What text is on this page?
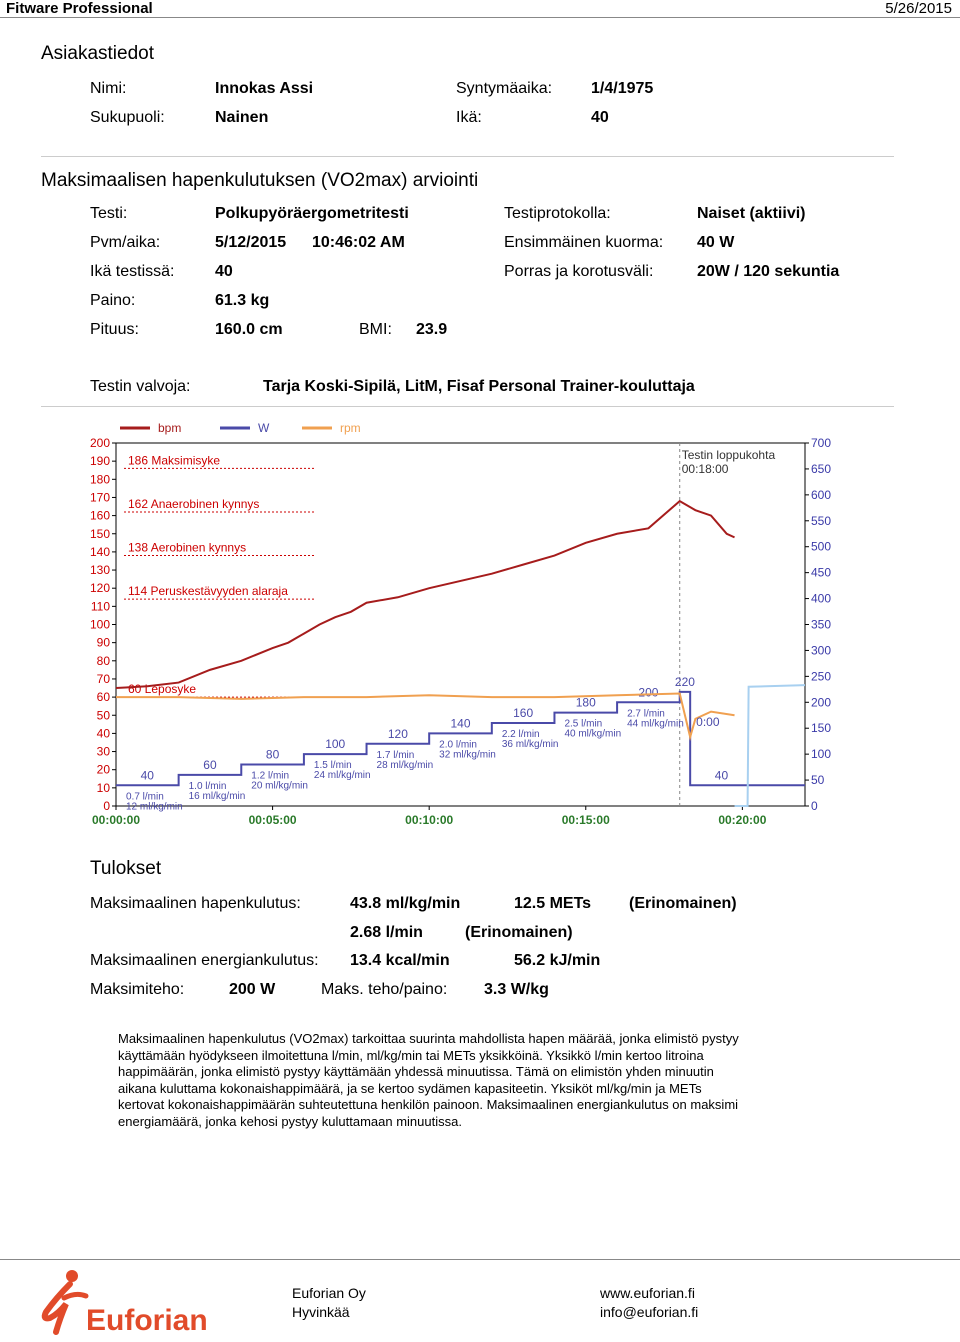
Fitware Professional	5/26/2015
Asiakastiedot
Nimi:	Innokas Assi	Syntymäaika: 1/4/1975
Sukupuoli:	Nainen	Ikä:	40
Maksimaalisen hapenkulutuksen (VO2max) arviointi
Testi:	Polkupyöräergometritesti	Testiprotokolla:	Naiset (aktiivi)
Pvm/aika:	5/12/2015 10:46:02 AM	Ensimmäinen kuorma: 40 W
Ikä testissä:	40	Porras ja korotusväli:	20W / 120 sekuntia
Paino:	61.3 kg
Pituus:	160.0 cm	BMI: 23.9
Testin valvoja:	Tarja Koski-Sipilä, LitM, Fisaf Personal Trainer-kouluttaja
0
10
20
30
40
50
60
70
80
90
100
110
120
130
140
150
160
170
180
190
200
0
50
100
150
200
250
300
350
400
450
500
550
600
650
700
00:00:00	00:05:00	00:10:00	00:15:00	00:20:00
bpm	W	rpm
186 Maksimisyke
162 Anaerobinen kynnys
138 Aerobinen kynnys
114 Peruskestävyyden alaraja
60 Leposyke
Testin loppukohta
00:18:00
40
60
80
100
120
140
160
180
200
220
40
0.7 l/min
12 ml/kg/min
1.0 l/min
16 ml/kg/min
1.2 l/min
20 ml/kg/min
1.5 l/min
24 ml/kg/min
1.7 l/min
28 ml/kg/min
2.0 l/min
32 ml/kg/min
2.2 l/min
36 ml/kg/min
2.5 l/min
40 ml/kg/min
2.7 l/min
44 ml/kg/min 0:00
Tulokset
Maksimaalinen hapenkulutus:	43.8 ml/kg/min	12.5 METs (Erinomainen)
2.68 l/min	(Erinomainen)
Maksimaalinen energiankulutus: 13.4 kcal/min	56.2 kJ/min
Maksimiteho:	200 W	Maks. teho/paino: 3.3 W/kg
Maksimaalinen hapenkulutus (VO2max) tarkoittaa suurinta mahdollista hapen määrää, jonka elimistö pystyy
käyttämään hyödykseen ilmoitettuna l/min, ml/kg/min tai METs yksikköinä. Yksikkö l/min kertoo litroina
happimäärän, jonka elimistö pystyy käyttämään yhdessä minuutissa. Tämä on elimistön yhden minuutin
aikana kuluttama kokonaishappimäärä, ja se kertoo sydämen kapasiteetin. Yksiköt ml/kg/min ja METs
kertovat kokonaishappimäärän suhteutettuna henkilön painoon. Maksimaalinen energiankulutus on maksimi
energiamäärä, jonka kehosi pystyy kuluttamaan minuutissa.
Euforian
Euforian Oy
Hyvinkää
www.euforian.fi
info@euforian.fi
